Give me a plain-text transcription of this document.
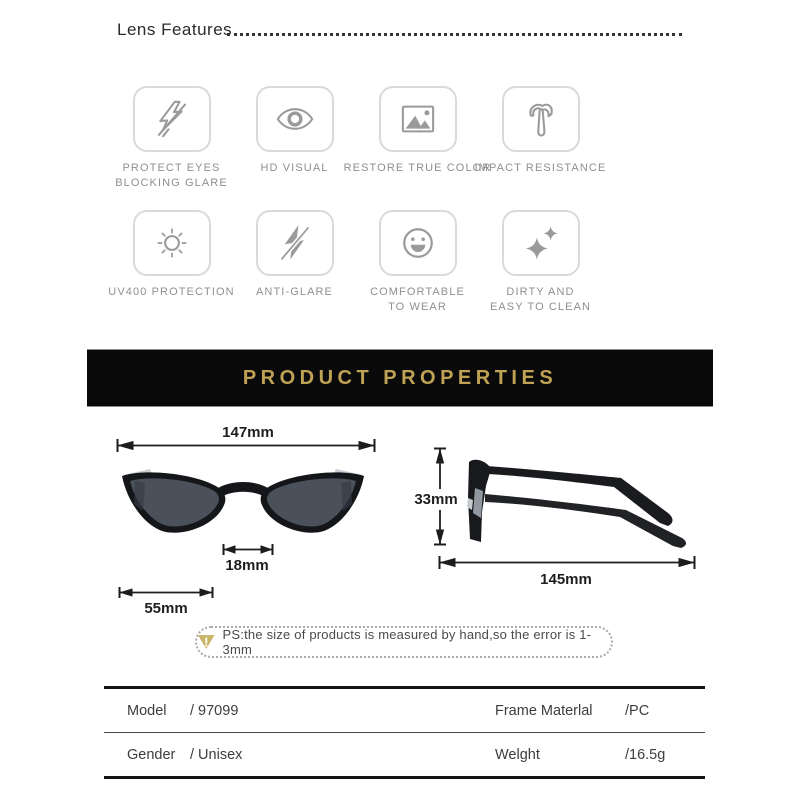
Lens Features
PROTECT EYES
BLOCKING GLARE
HD VISUAL RESTORE TRUE COLOR
IMPACT RESISTANCE
UV400 PROTECTION ANTI-GLARE	COMFORTABLE
TO WEAR
DIRTY AND
EASY TO CLEAN
PRODUCT PROPERTIES
147mm
18mm
55mm
33mm
145mm
PS:the size of products is measured by hand,so the error is 1-3mm
Model	/ 97099	Frame Materlal	/PC
Gender	/ Unisex	Welght	/16.5g
